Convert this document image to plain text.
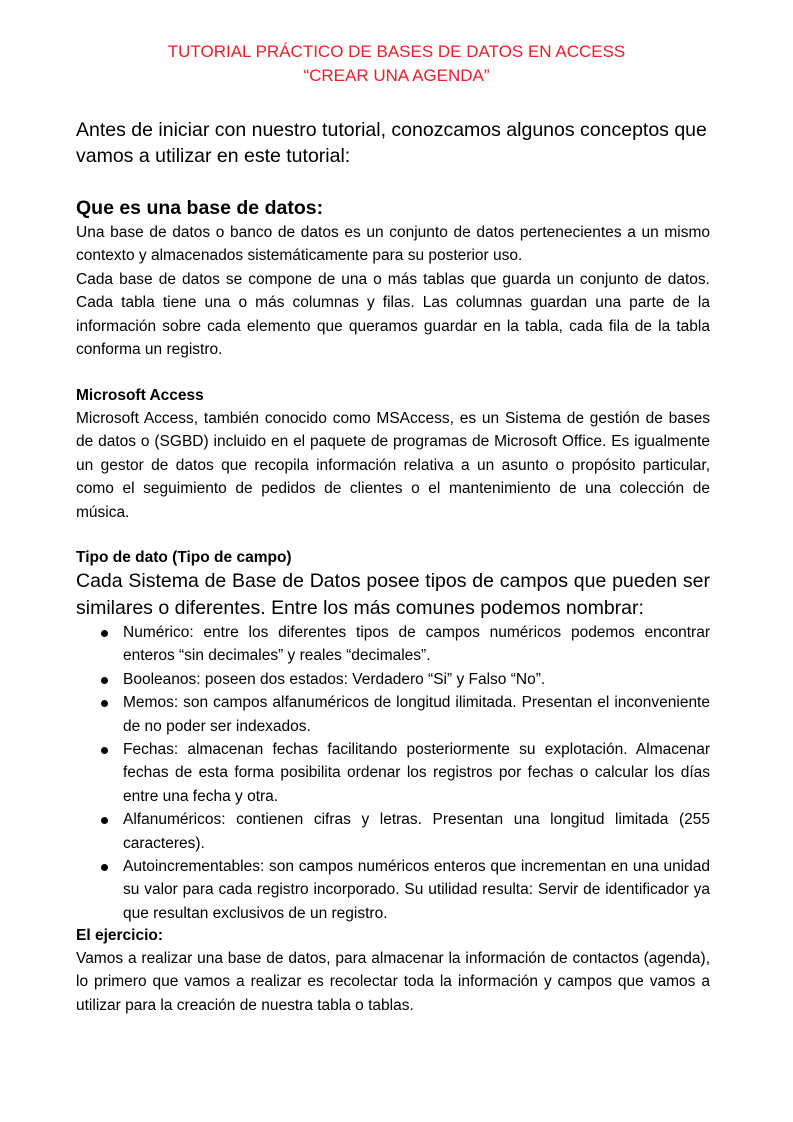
TUTORIAL PRÁCTICO DE BASES DE DATOS EN ACCESS
“CREAR UNA AGENDA”
Antes de iniciar con nuestro tutorial, conozcamos algunos conceptos que vamos a utilizar en este tutorial:
Que es una base de datos:
Una base de datos o banco de datos es un conjunto de datos pertenecientes a un mismo contexto y almacenados sistemáticamente para su posterior uso.
Cada base de datos se compone de una o más tablas que guarda un conjunto de datos. Cada tabla tiene una o más columnas y filas. Las columnas guardan una parte de la información sobre cada elemento que queramos guardar en la tabla, cada fila de la tabla conforma un registro.
Microsoft Access
Microsoft Access, también conocido como MSAccess, es un Sistema de gestión de bases de datos o (SGBD) incluido en el paquete de programas de Microsoft Office. Es igualmente un gestor de datos que recopila información relativa a un asunto o propósito particular, como el seguimiento de pedidos de clientes o el mantenimiento de una colección de música.
Tipo de dato (Tipo de campo)
Cada Sistema de Base de Datos posee tipos de campos que pueden ser similares o diferentes. Entre los más comunes podemos nombrar:
Numérico: entre los diferentes tipos de campos numéricos podemos encontrar enteros “sin decimales” y reales “decimales”.
Booleanos: poseen dos estados: Verdadero “Si” y Falso “No”.
Memos: son campos alfanuméricos de longitud ilimitada. Presentan el inconveniente de no poder ser indexados.
Fechas: almacenan fechas facilitando posteriormente su explotación. Almacenar fechas de esta forma posibilita ordenar los registros por fechas o calcular los días entre una fecha y otra.
Alfanuméricos: contienen cifras y letras. Presentan una longitud limitada (255 caracteres).
Autoincrementables: son campos numéricos enteros que incrementan en una unidad su valor para cada registro incorporado. Su utilidad resulta: Servir de identificador ya que resultan exclusivos de un registro.
El ejercicio:
Vamos a realizar una base de datos, para almacenar la información de contactos (agenda), lo primero que vamos a realizar es recolectar toda la información y campos que vamos a utilizar para la creación de nuestra tabla o tablas.
